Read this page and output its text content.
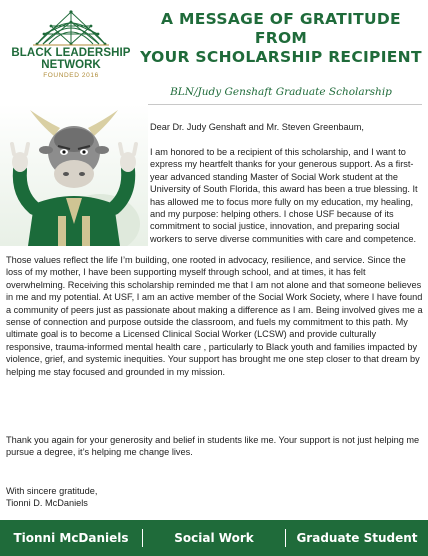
BLACK LEADERSHIP
NETWORK
FOUNDED 2016
A MESSAGE OF GRATITUDE FROM
YOUR SCHOLARSHIP RECIPIENT
BLN/Judy Genshaft Graduate Scholarship
Dear Dr. Judy Genshaft and Mr. Steven Greenbaum,
I am honored to be a recipient of this scholarship, and I want to express my heartfelt thanks for your generous support. As a first-year advanced standing Master of Social Work student at the University of South Florida, this award has been a true blessing. It has allowed me to focus more fully on my education, my healing, and my purpose: helping others. I chose USF because of its commitment to social justice, innovation, and preparing social workers to serve diverse communities with care and competence.
Those values reflect the life I’m building, one rooted in advocacy, resilience, and service. Since the loss of my mother, I have been supporting myself through school, and at times, it has felt overwhelming. Receiving this scholarship reminded me that I am not alone and that someone believes in me and my potential. At USF, I am an active member of the Social Work Society, where I have found a community of peers just as passionate about making a difference as I am. Being involved gives me a sense of connection and purpose outside the classroom, and fuels my commitment to this path. My ultimate goal is to become a Licensed Clinical Social Worker (LCSW) and provide culturally responsive, trauma-informed mental health care , particularly to Black youth and families impacted by violence, grief, and systemic inequities. Your support has brought me one step closer to that dream by helping me stay focused and grounded in my mission.
Thank you again for your generosity and belief in students like me. Your support is not just helping me pursue a degree, it’s helping me change lives.
With sincere gratitude,
Tionni D. McDaniels
Tionni McDaniels	Social Work	Graduate Student
